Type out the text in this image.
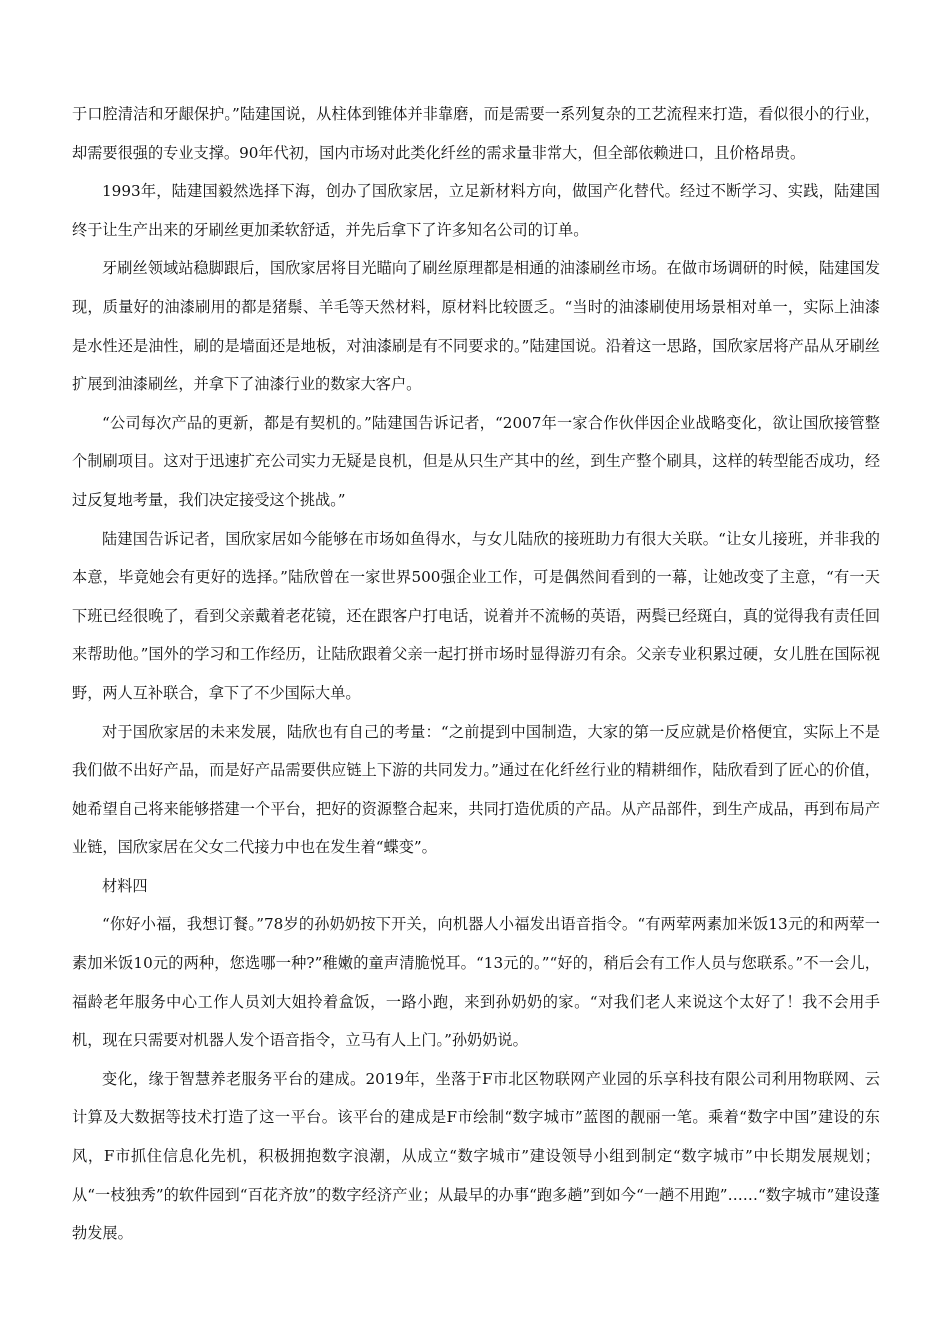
于口腔清洁和牙龈保护。”陆建国说，从柱体到锥体并非靠磨，而是需要一系列复杂的工艺流程来打造，看似很小的行业，却需要很强的专业支撑。90年代初，国内市场对此类化纤丝的需求量非常大，但全部依赖进口，且价格昂贵。

1993年，陆建国毅然选择下海，创办了国欣家居，立足新材料方向，做国产化替代。经过不断学习、实践，陆建国终于让生产出来的牙刷丝更加柔软舒适，并先后拿下了许多知名公司的订单。

牙刷丝领域站稳脚跟后，国欣家居将目光瞄向了刷丝原理都是相通的油漆刷丝市场。在做市场调研的时候，陆建国发现，质量好的油漆刷用的都是猪鬃、羊毛等天然材料，原材料比较匮乏。“当时的油漆刷使用场景相对单一，实际上油漆是水性还是油性，刷的是墙面还是地板，对油漆刷是有不同要求的。”陆建国说。沿着这一思路，国欣家居将产品从牙刷丝扩展到油漆刷丝，并拿下了油漆行业的数家大客户。

“公司每次产品的更新，都是有契机的。”陆建国告诉记者，“2007年一家合作伙伴因企业战略变化，欲让国欣接管整个制刷项目。这对于迅速扩充公司实力无疑是良机，但是从只生产其中的丝，到生产整个刷具，这样的转型能否成功，经过反复地考量，我们决定接受这个挑战。”

陆建国告诉记者，国欣家居如今能够在市场如鱼得水，与女儿陆欣的接班助力有很大关联。“让女儿接班，并非我的本意，毕竟她会有更好的选择。”陆欣曾在一家世界500强企业工作，可是偶然间看到的一幕，让她改变了主意，“有一天下班已经很晚了，看到父亲戴着老花镜，还在跟客户打电话，说着并不流畅的英语，两鬓已经斑白，真的觉得我有责任回来帮助他。”国外的学习和工作经历，让陆欣跟着父亲一起打拼市场时显得游刃有余。父亲专业积累过硬，女儿胜在国际视野，两人互补联合，拿下了不少国际大单。

对于国欣家居的未来发展，陆欣也有自己的考量：“之前提到中国制造，大家的第一反应就是价格便宜，实际上不是我们做不出好产品，而是好产品需要供应链上下游的共同发力。”通过在化纤丝行业的精耕细作，陆欣看到了匠心的价值，她希望自己将来能够搭建一个平台，把好的资源整合起来，共同打造优质的产品。从产品部件，到生产成品，再到布局产业链，国欣家居在父女二代接力中也在发生着“蝶变”。

材料四

“你好小福，我想订餐。”78岁的孙奶奶按下开关，向机器人小福发出语音指令。“有两荤两素加米饭13元的和两荤一素加米饭10元的两种，您选哪一种?”稚嫩的童声清脆悦耳。“13元的。”“好的，稍后会有工作人员与您联系。”不一会儿，福龄老年服务中心工作人员刘大姐拎着盒饭，一路小跑，来到孙奶奶的家。“对我们老人来说这个太好了！我不会用手机，现在只需要对机器人发个语音指令，立马有人上门。”孙奶奶说。

变化，缘于智慧养老服务平台的建成。2019年，坐落于F市北区物联网产业园的乐享科技有限公司利用物联网、云计算及大数据等技术打造了这一平台。该平台的建成是F市绘制“数字城市”蓝图的靓丽一笔。乘着“数字中国”建设的东风，F市抓住信息化先机，积极拥抱数字浪潮，从成立“数字城市”建设领导小组到制定“数字城市”中长期发展规划；从“一枝独秀”的软件园到“百花齐放”的数字经济产业；从最早的办事“跑多趟”到如今“一趟不用跑”……“数字城市”建设蓬勃发展。
